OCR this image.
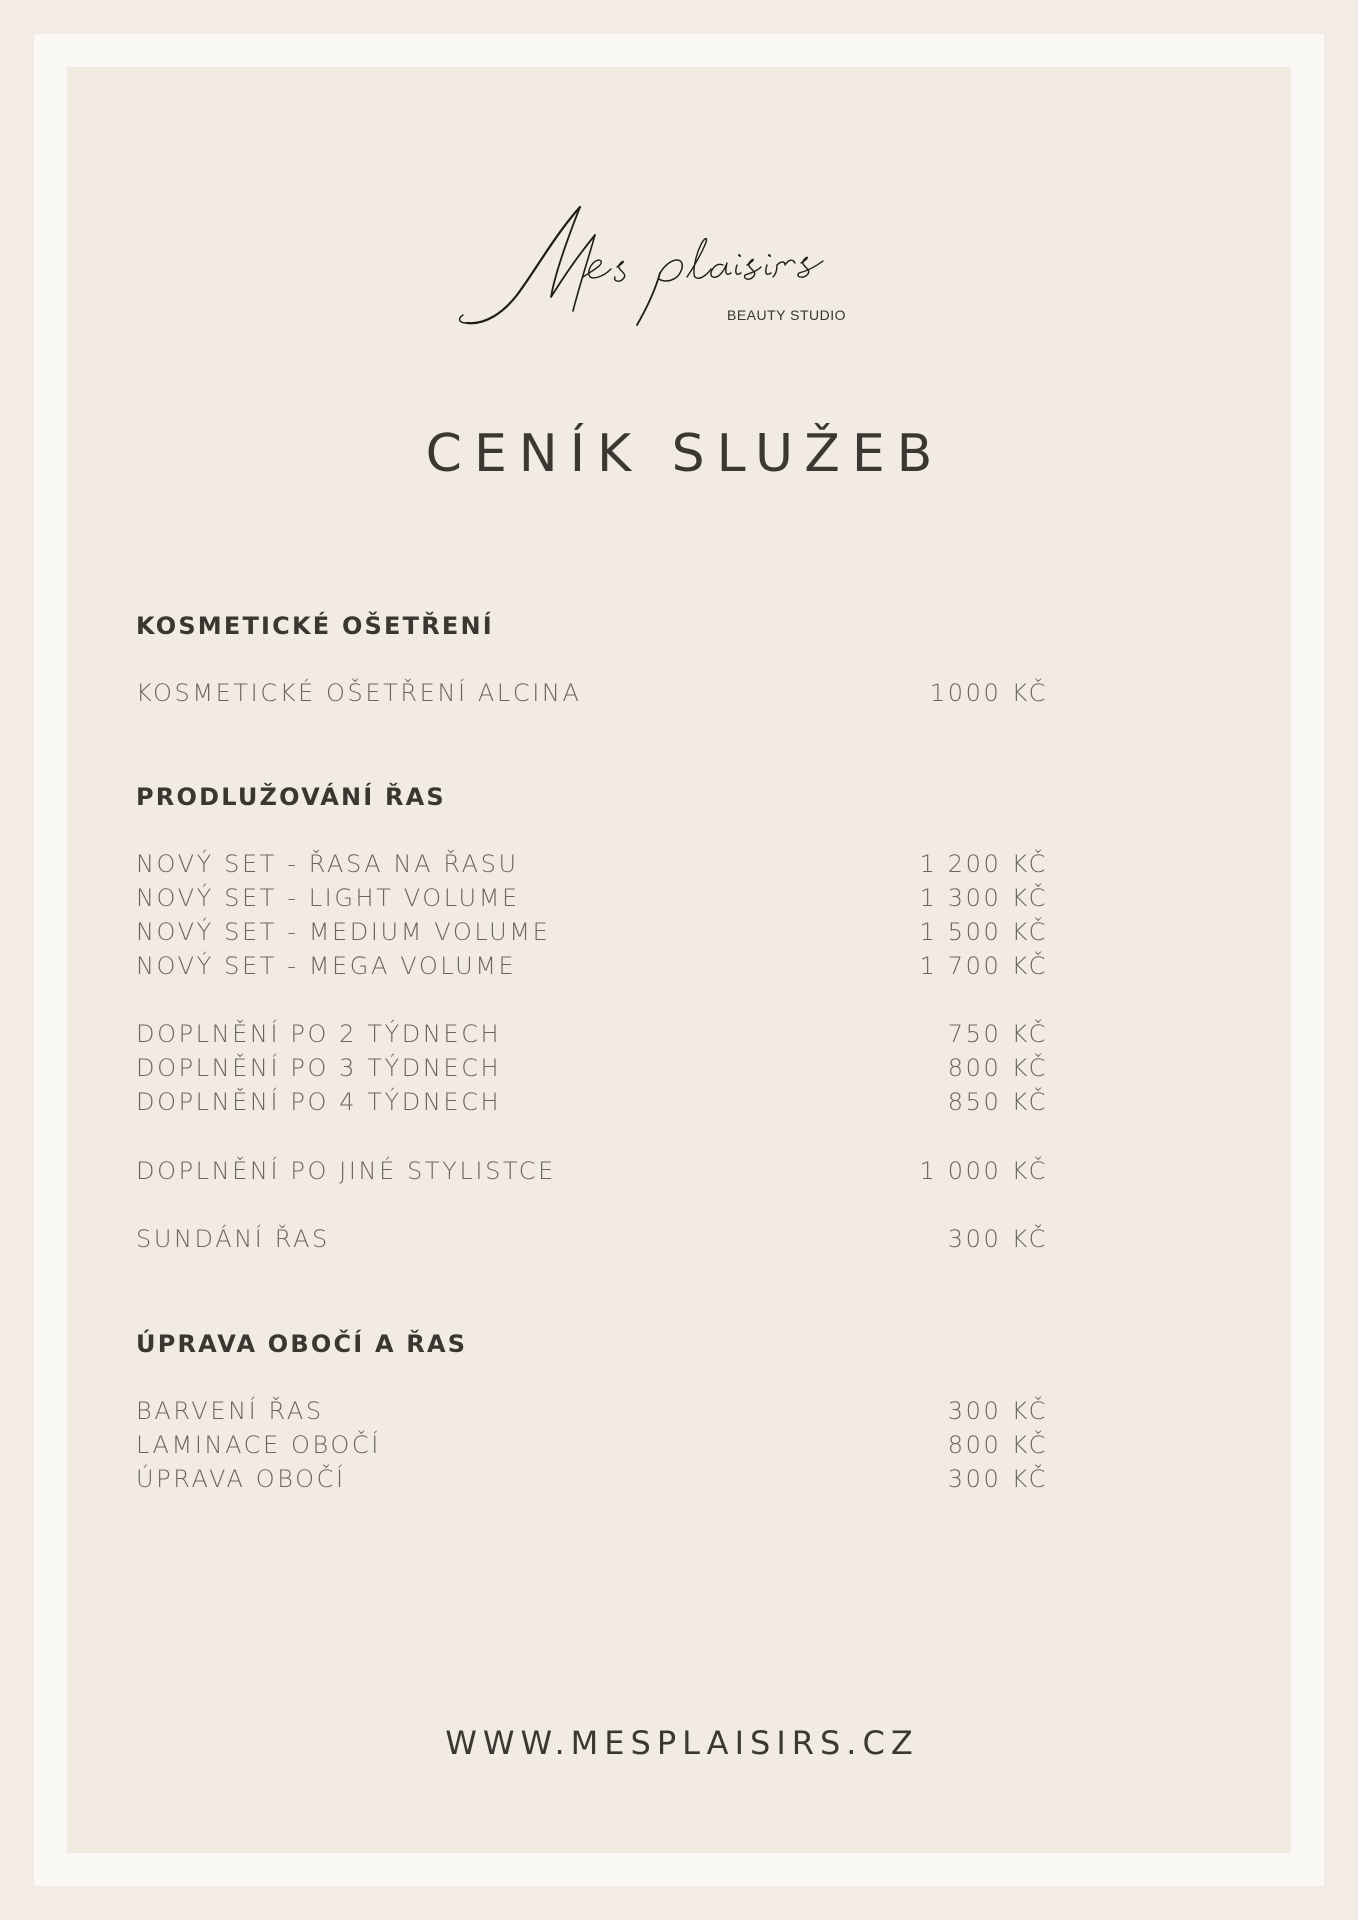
BEAUTY STUDIO
CENÍK SLUŽEB
KOSMETICKÉ OŠETŘENÍ
KOSMETICKÉ OŠETŘENÍ ALCINA	1000 KČ
PRODLUŽOVÁNÍ ŘAS
NOVÝ SET - ŘASA NA ŘASU	1 200 KČ
NOVÝ SET - LIGHT VOLUME	1 300 KČ
NOVÝ SET - MEDIUM VOLUME	1 500 KČ
NOVÝ SET - MEGA VOLUME	1 700 KČ
DOPLNĚNÍ PO 2 TÝDNECH	750 KČ
DOPLNĚNÍ PO 3 TÝDNECH	800 KČ
DOPLNĚNÍ PO 4 TÝDNECH	850 KČ
DOPLNĚNÍ PO JINÉ STYLISTCE	1 000 KČ
SUNDÁNÍ ŘAS	300 KČ
ÚPRAVA OBOČÍ A ŘAS
BARVENÍ ŘAS	300 KČ
LAMINACE OBOČÍ	800 KČ
ÚPRAVA OBOČÍ	300 KČ
WWW.MESPLAISIRS.CZ
